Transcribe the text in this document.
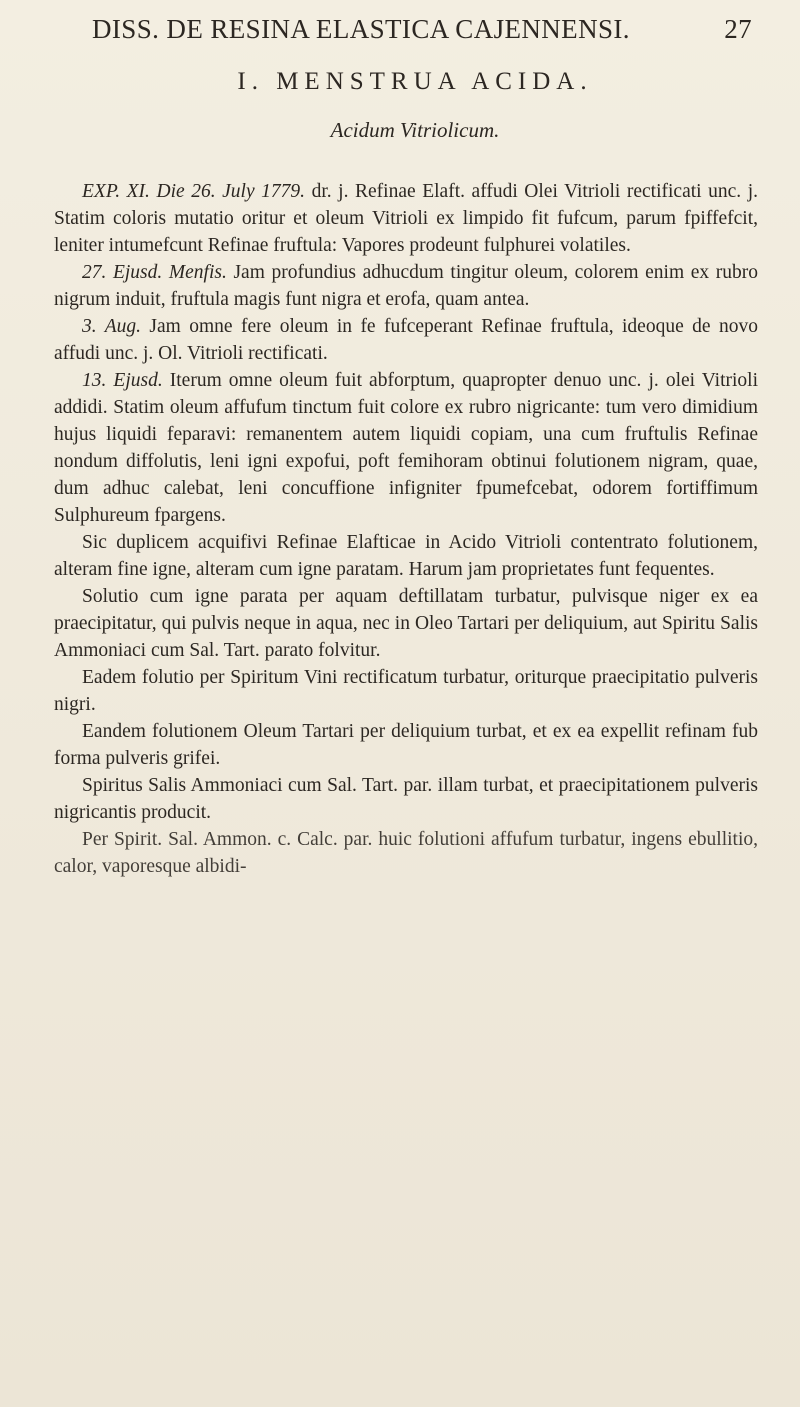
DISS. DE RESINA ELASTICA CAJENNENSI.	27
I. MENSTRUA ACIDA.
Acidum Vitriolicum.

EXP. XI. Die 26. July 1779. dr. j. Refinae Elaft. affudi Olei Vitrioli rectificati unc. j. Statim coloris mutatio oritur et oleum Vitrioli ex limpido fit fufcum, parum fpiffefcit, leniter intumefcunt Refinae fruftula: Vapores prodeunt fulphurei volatiles.

27. Ejusd. Menfis. Jam profundius adhucdum tingitur oleum, colorem enim ex rubro nigrum induit, fruftula magis funt nigra et erofa, quam antea.

3. Aug. Jam omne fere oleum in fe fufceperant Refinae fruftula, ideoque de novo affudi unc. j. Ol. Vitrioli rectificati.

13. Ejusd. Iterum omne oleum fuit abforptum, quapropter denuo unc. j. olei Vitrioli addidi. Statim oleum affufum tinctum fuit colore ex rubro nigricante: tum vero dimidium hujus liquidi feparavi: remanentem autem liquidi copiam, una cum fruftulis Refinae nondum diffolutis, leni igni expofui, poft femihoram obtinui folutionem nigram, quae, dum adhuc calebat, leni concuffione infigniter fpumefcebat, odorem fortiffimum Sulphureum fpargens.

Sic duplicem acquifivi Refinae Elafticae in Acido Vitrioli contentrato folutionem, alteram fine igne, alteram cum igne paratam. Harum jam proprietates funt fequentes.

Solutio cum igne parata per aquam deftillatam turbatur, pulvisque niger ex ea praecipitatur, qui pulvis neque in aqua, nec in Oleo Tartari per deliquium, aut Spiritu Salis Ammoniaci cum Sal. Tart. parato folvitur.

Eadem folutio per Spiritum Vini rectificatum turbatur, oriturque praecipitatio pulveris nigri.

Eandem folutionem Oleum Tartari per deliquium turbat, et ex ea expellit refinam fub forma pulveris grifei.

Spiritus Salis Ammoniaci cum Sal. Tart. par. illam turbat, et praecipitationem pulveris nigricantis producit.

Per Spirit. Sal. Ammon. c. Calc. par. huic folutioni affufum turbatur, ingens ebullitio, calor, vaporesque albidi-
